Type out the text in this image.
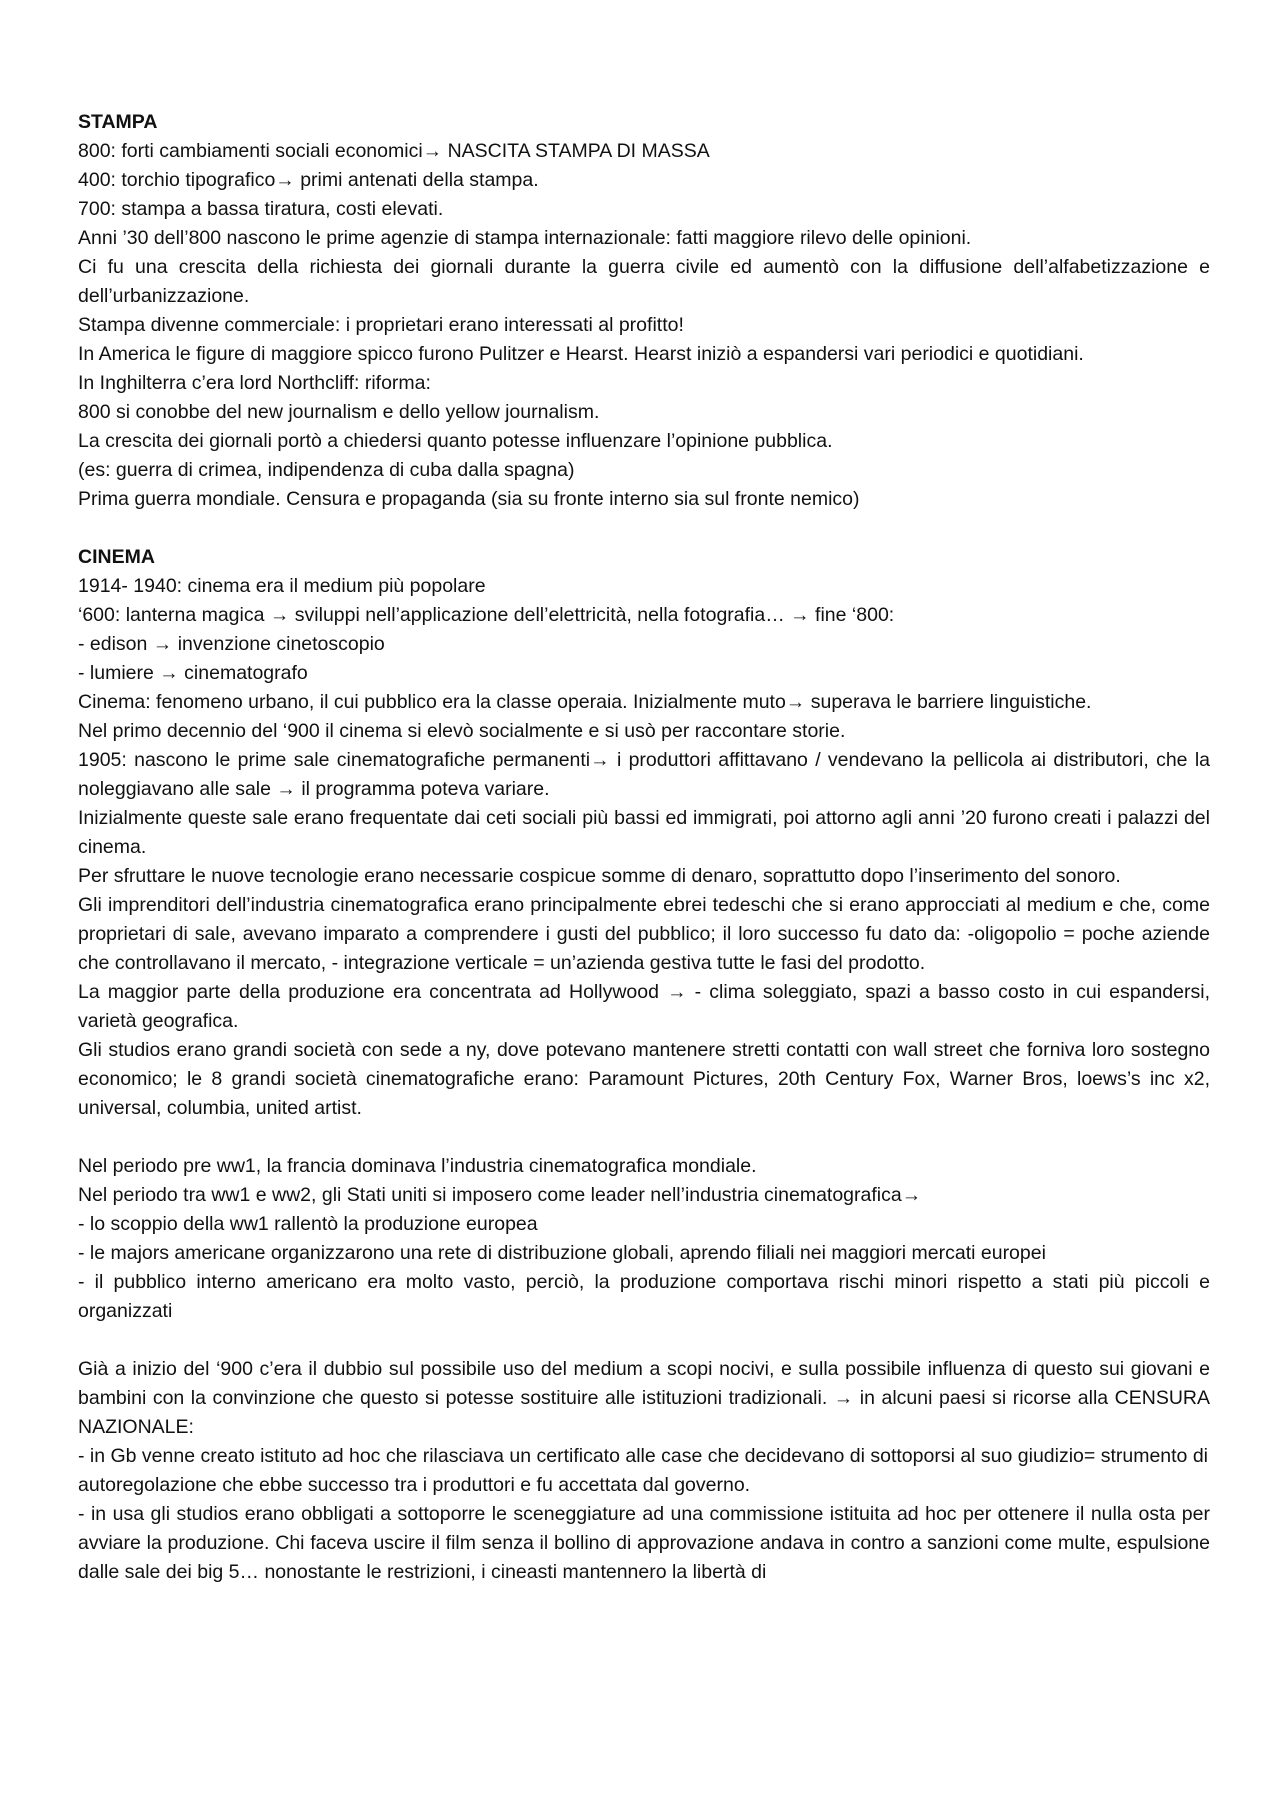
STAMPA

800: forti cambiamenti sociali economici→ NASCITA STAMPA DI MASSA

400: torchio tipografico→ primi antenati della stampa.

700: stampa a bassa tiratura, costi elevati.

Anni ’30 dell’800 nascono le prime agenzie di stampa internazionale: fatti maggiore rilevo delle opinioni.

Ci fu una crescita della richiesta dei giornali durante la guerra civile ed aumentò con la diffusione dell’alfabetizzazione e dell’urbanizzazione.

Stampa divenne commerciale: i proprietari erano interessati al profitto!

In America le figure di maggiore spicco furono Pulitzer e Hearst. Hearst iniziò a espandersi vari periodici e quotidiani.

In Inghilterra c’era lord Northcliff: riforma:

800 si conobbe del new journalism e dello yellow journalism.

La crescita dei giornali portò a chiedersi quanto potesse influenzare l’opinione pubblica.

(es: guerra di crimea, indipendenza di cuba dalla spagna)

Prima guerra mondiale. Censura e propaganda (sia su fronte interno sia sul fronte nemico)

CINEMA

1914- 1940: cinema era il medium più popolare

‘600: lanterna magica → sviluppi nell’applicazione dell’elettricità, nella fotografia… → fine ‘800:

- edison → invenzione cinetoscopio

- lumiere → cinematografo

Cinema: fenomeno urbano, il cui pubblico era la classe operaia. Inizialmente muto→ superava le barriere linguistiche.

Nel primo decennio del ‘900 il cinema si elevò socialmente e si usò per raccontare storie.

1905: nascono le prime sale cinematografiche permanenti→ i produttori affittavano / vendevano la pellicola ai distributori, che la noleggiavano alle sale → il programma poteva variare.

Inizialmente queste sale erano frequentate dai ceti sociali più bassi ed immigrati, poi attorno agli anni ’20 furono creati i palazzi del cinema.

Per sfruttare le nuove tecnologie erano necessarie cospicue somme di denaro, soprattutto dopo l’inserimento del sonoro.

Gli imprenditori dell’industria cinematografica erano principalmente ebrei tedeschi che si erano approcciati al medium e che, come proprietari di sale, avevano imparato a comprendere i gusti del pubblico; il loro successo fu dato da: -oligopolio = poche aziende che controllavano il mercato, - integrazione verticale = un’azienda gestiva tutte le fasi del prodotto.

La maggior parte della produzione era concentrata ad Hollywood → - clima soleggiato, spazi a basso costo in cui espandersi, varietà geografica.

Gli studios erano grandi società con sede a ny, dove potevano mantenere stretti contatti con wall street che forniva loro sostegno economico; le 8 grandi società cinematografiche erano: Paramount Pictures, 20th Century Fox, Warner Bros, loews’s inc x2, universal, columbia, united artist.

Nel periodo pre ww1, la francia dominava l’industria cinematografica mondiale.

Nel periodo tra ww1 e ww2, gli Stati uniti si imposero come leader nell’industria cinematografica→

- lo scoppio della ww1 rallentò la produzione europea

- le majors americane organizzarono una rete di distribuzione globali, aprendo filiali nei maggiori mercati europei

- il pubblico interno americano era molto vasto, perciò, la produzione comportava rischi minori rispetto a stati più piccoli e organizzati

Già a inizio del ‘900 c’era il dubbio sul possibile uso del medium a scopi nocivi, e sulla possibile influenza di questo sui giovani e bambini con la convinzione che questo si potesse sostituire alle istituzioni tradizionali. → in alcuni paesi si ricorse alla CENSURA NAZIONALE:

- in Gb venne creato istituto ad hoc che rilasciava un certificato alle case che decidevano di sottoporsi al suo giudizio= strumento di autoregolazione che ebbe successo tra i produttori e fu accettata dal governo.

- in usa gli studios erano obbligati a sottoporre le sceneggiature ad una commissione istituita ad hoc per ottenere il nulla osta per avviare la produzione. Chi faceva uscire il film senza il bollino di approvazione andava in contro a sanzioni come multe, espulsione dalle sale dei big 5… nonostante le restrizioni, i cineasti mantennero la libertà di
